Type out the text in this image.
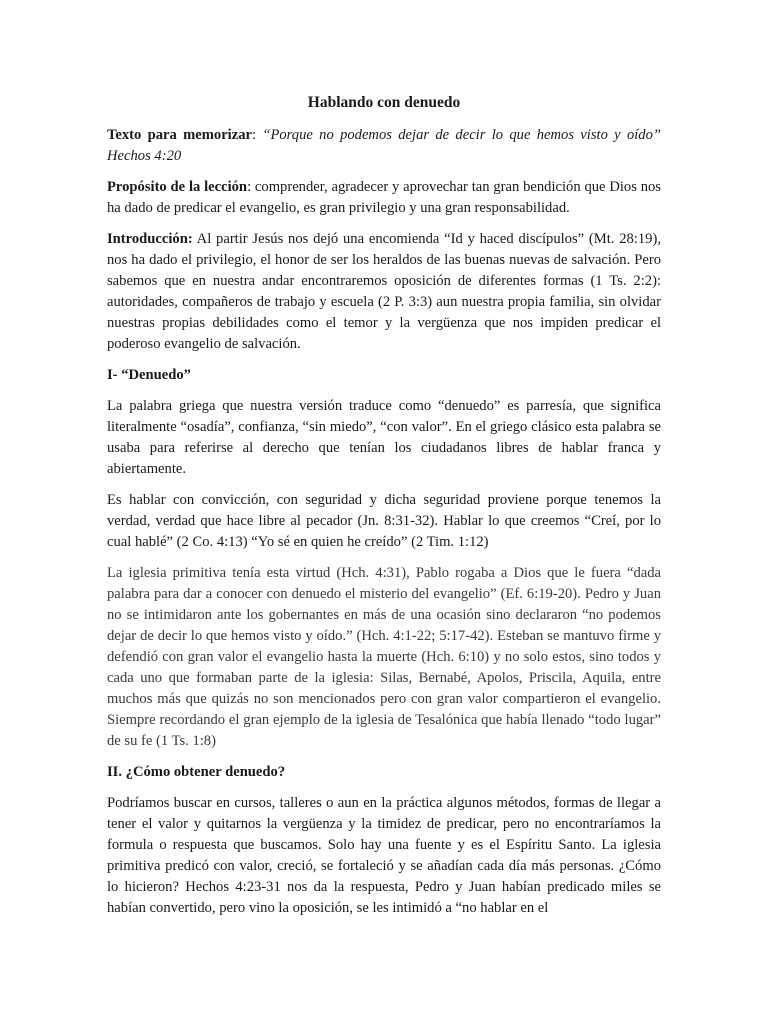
Hablando con denuedo

Texto para memorizar: “Porque no podemos dejar de decir lo que hemos visto y oído” Hechos 4:20

Propósito de la lección: comprender, agradecer y aprovechar tan gran bendición que Dios nos ha dado de predicar el evangelio, es gran privilegio y una gran responsabilidad.

Introducción: Al partir Jesús nos dejó una encomienda “Id y haced discípulos” (Mt. 28:19), nos ha dado el privilegio, el honor de ser los heraldos de las buenas nuevas de salvación. Pero sabemos que en nuestra andar encontraremos oposición de diferentes formas (1 Ts. 2:2): autoridades, compañeros de trabajo y escuela (2 P. 3:3) aun nuestra propia familia, sin olvidar nuestras propias debilidades como el temor y la vergüenza que nos impiden predicar el poderoso evangelio de salvación.

I- “Denuedo”

La palabra griega que nuestra versión traduce como “denuedo” es parresía, que significa literalmente “osadía”, confianza, “sin miedo”, “con valor”. En el griego clásico esta palabra se usaba para referirse al derecho que tenían los ciudadanos libres de hablar franca y abiertamente.

Es hablar con convicción, con seguridad y dicha seguridad proviene porque tenemos la verdad, verdad que hace libre al pecador (Jn. 8:31-32). Hablar lo que creemos “Creí, por lo cual hablé” (2 Co. 4:13) “Yo sé en quien he creído” (2 Tim. 1:12)

La iglesia primitiva tenía esta virtud (Hch. 4:31), Pablo rogaba a Dios que le fuera “dada palabra para dar a conocer con denuedo el misterio del evangelio” (Ef. 6:19-20). Pedro y Juan no se intimidaron ante los gobernantes en más de una ocasión sino declararon “no podemos dejar de decir lo que hemos visto y oído.” (Hch. 4:1-22; 5:17-42). Esteban se mantuvo firme y defendió con gran valor el evangelio hasta la muerte (Hch. 6:10) y no solo estos, sino todos y cada uno que formaban parte de la iglesia: Silas, Bernabé, Apolos, Priscila, Aquila, entre muchos más que quizás no son mencionados pero con gran valor compartieron el evangelio. Siempre recordando el gran ejemplo de la iglesia de Tesalónica que había llenado “todo lugar” de su fe (1 Ts. 1:8)

II. ¿Cómo obtener denuedo?

Podríamos buscar en cursos, talleres o aun en la práctica algunos métodos, formas de llegar a tener el valor y quitarnos la vergüenza y la timidez de predicar, pero no encontraríamos la formula o respuesta que buscamos. Solo hay una fuente y es el Espíritu Santo. La iglesia primitiva predicó con valor, creció, se fortaleció y se añadían cada día más personas. ¿Cómo lo hicieron? Hechos 4:23-31 nos da la respuesta, Pedro y Juan habían predicado miles se habían convertido, pero vino la oposición, se les intimidó a “no hablar en el
